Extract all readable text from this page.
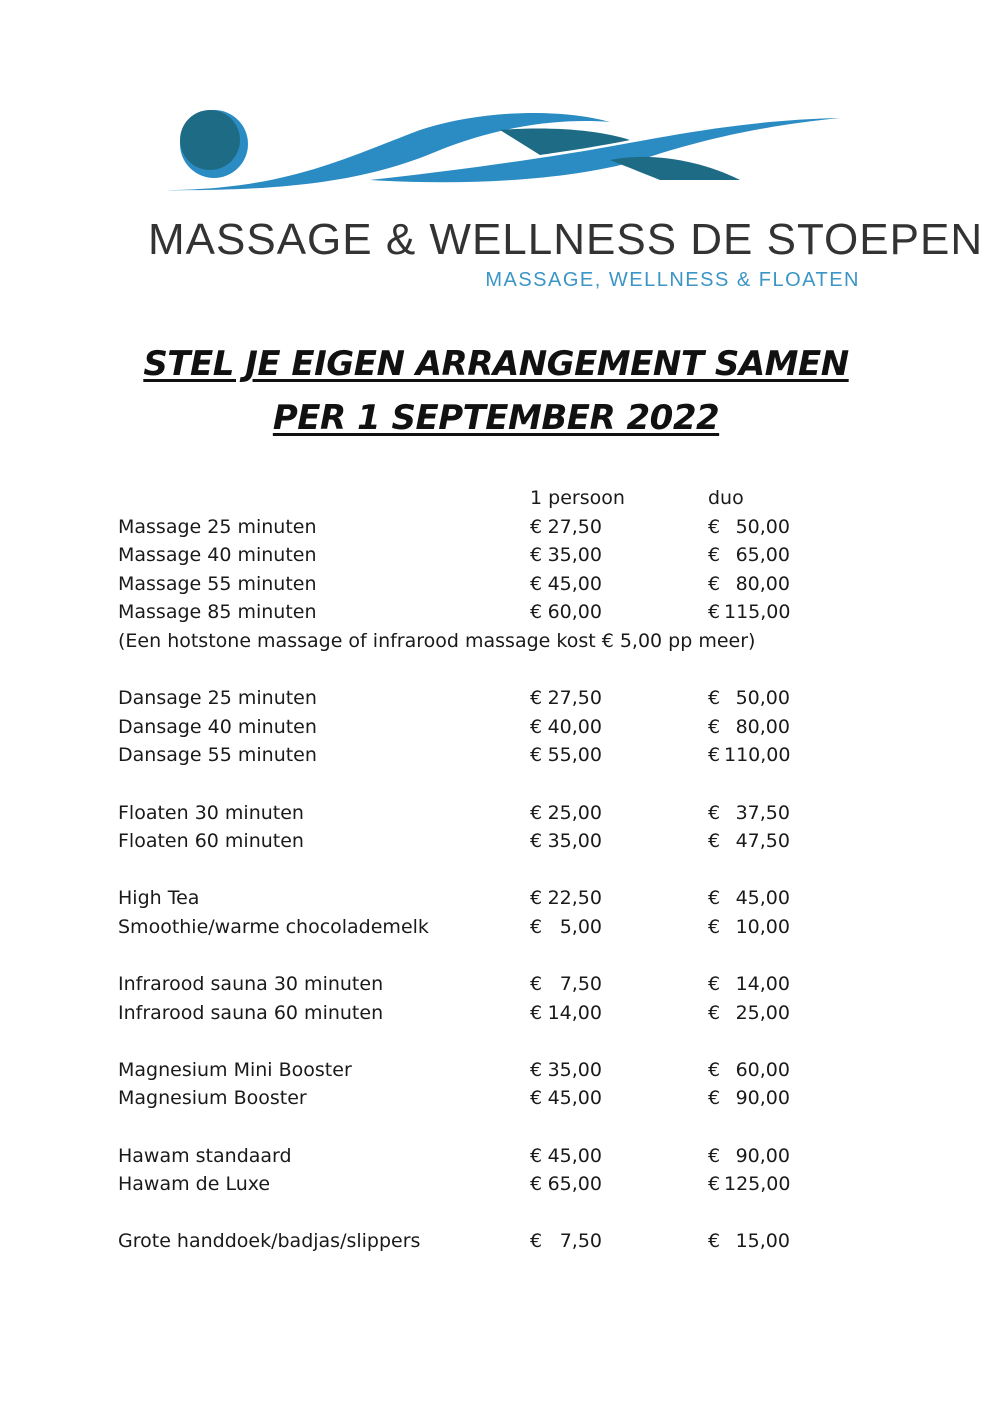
MASSAGE & WELLNESS DE STOEPEN
MASSAGE, WELLNESS & FLOATEN
STEL JE EIGEN ARRANGEMENT SAMEN
PER 1 SEPTEMBER 2022
1 persoon	duo
Massage 25 minuten	€ 27,50	€ 50,00
Massage 40 minuten	€ 35,00	€ 65,00
Massage 55 minuten	€ 45,00	€ 80,00
Massage 85 minuten	€ 60,00	€ 115,00
(Een hotstone massage of infrarood massage kost € 5,00 pp meer)
Dansage 25 minuten	€ 27,50	€ 50,00
Dansage 40 minuten	€ 40,00	€ 80,00
Dansage 55 minuten	€ 55,00	€ 110,00
Floaten 30 minuten	€ 25,00	€ 37,50
Floaten 60 minuten	€ 35,00	€ 47,50
High Tea	€ 22,50	€ 45,00
Smoothie/warme chocolademelk	€ 5,00	€ 10,00
Infrarood sauna 30 minuten	€ 7,50	€ 14,00
Infrarood sauna 60 minuten	€ 14,00	€ 25,00
Magnesium Mini Booster	€ 35,00	€ 60,00
Magnesium Booster	€ 45,00	€ 90,00
Hawam standaard	€ 45,00	€ 90,00
Hawam de Luxe	€ 65,00	€ 125,00
Grote handdoek/badjas/slippers	€ 7,50	€ 15,00
